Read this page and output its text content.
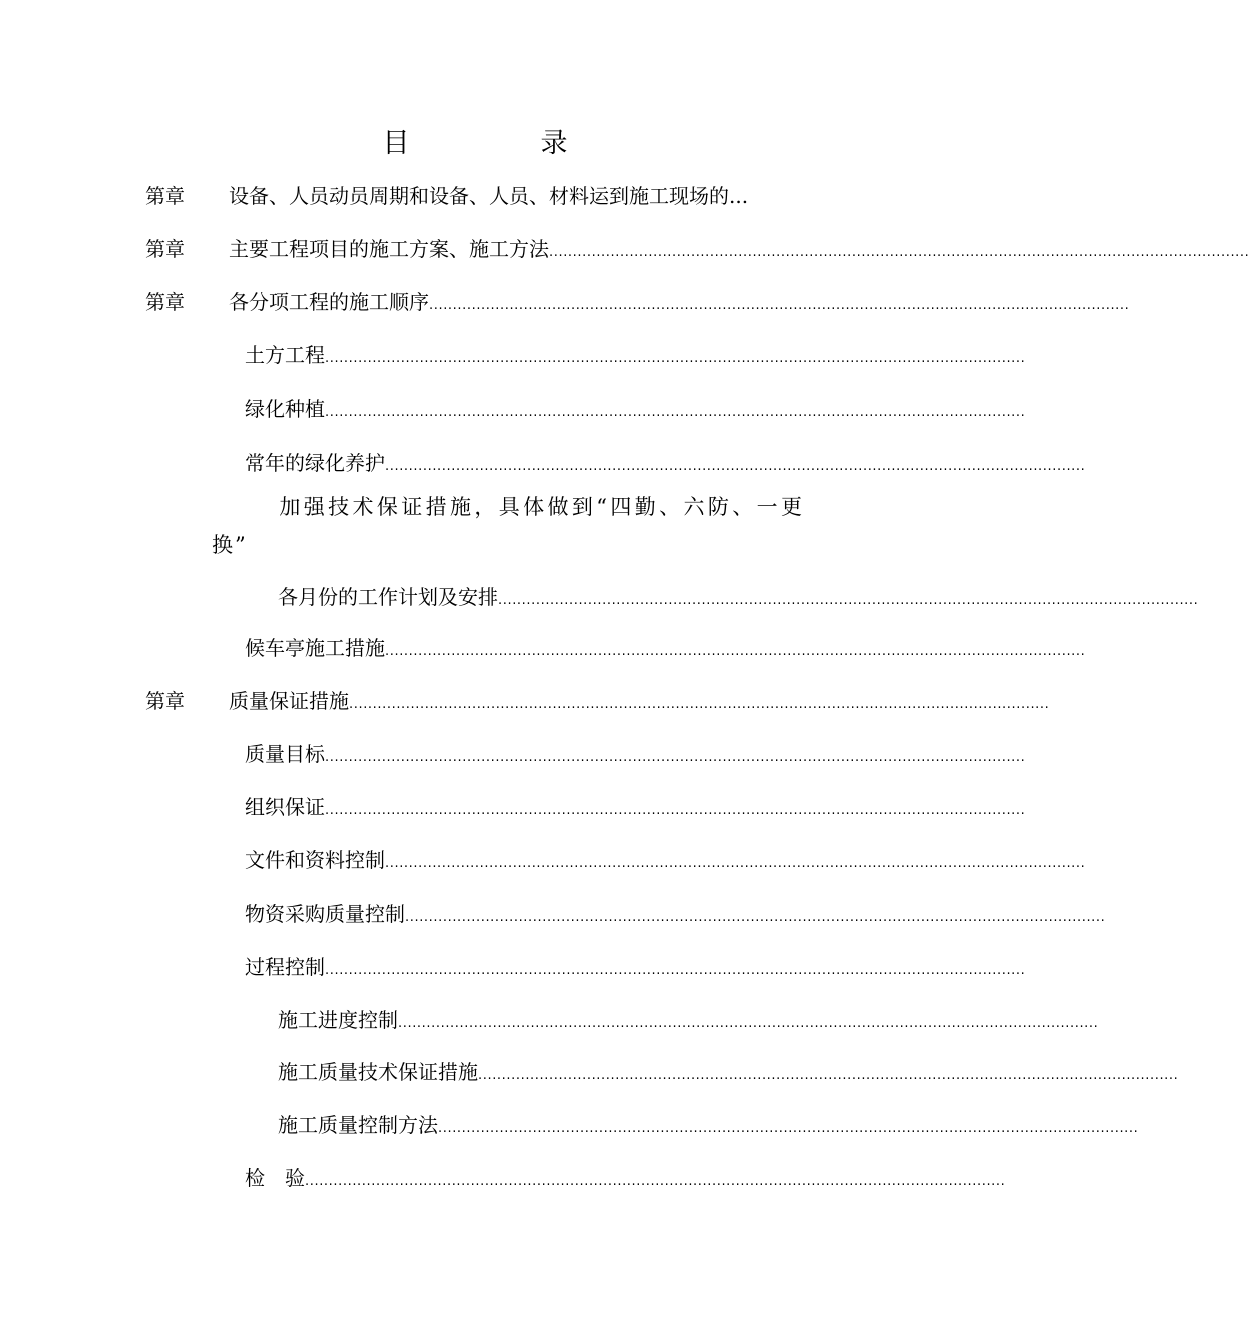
目　录
第章	设备、人员动员周期和设备、人员、材料运到施工现场的...
第章	主要工程项目的施工方案、施工方法 ....................................................................................................................................................
第章	各分项工程的施工顺序 ....................................................................................................................................................
土方工程 ....................................................................................................................................................
绿化种植 ....................................................................................................................................................
常年的绿化养护 ....................................................................................................................................................
加强技术保证措施，具体做到“四勤、六防、一更换”
各月份的工作计划及安排 ....................................................................................................................................................
候车亭施工措施 ....................................................................................................................................................
第章	质量保证措施 ....................................................................................................................................................
质量目标 ....................................................................................................................................................
组织保证 ....................................................................................................................................................
文件和资料控制 ....................................................................................................................................................
物资采购质量控制 ....................................................................................................................................................
过程控制 ....................................................................................................................................................
施工进度控制 ....................................................................................................................................................
施工质量技术保证措施 ....................................................................................................................................................
施工质量控制方法 ....................................................................................................................................................
检　验 ....................................................................................................................................................
